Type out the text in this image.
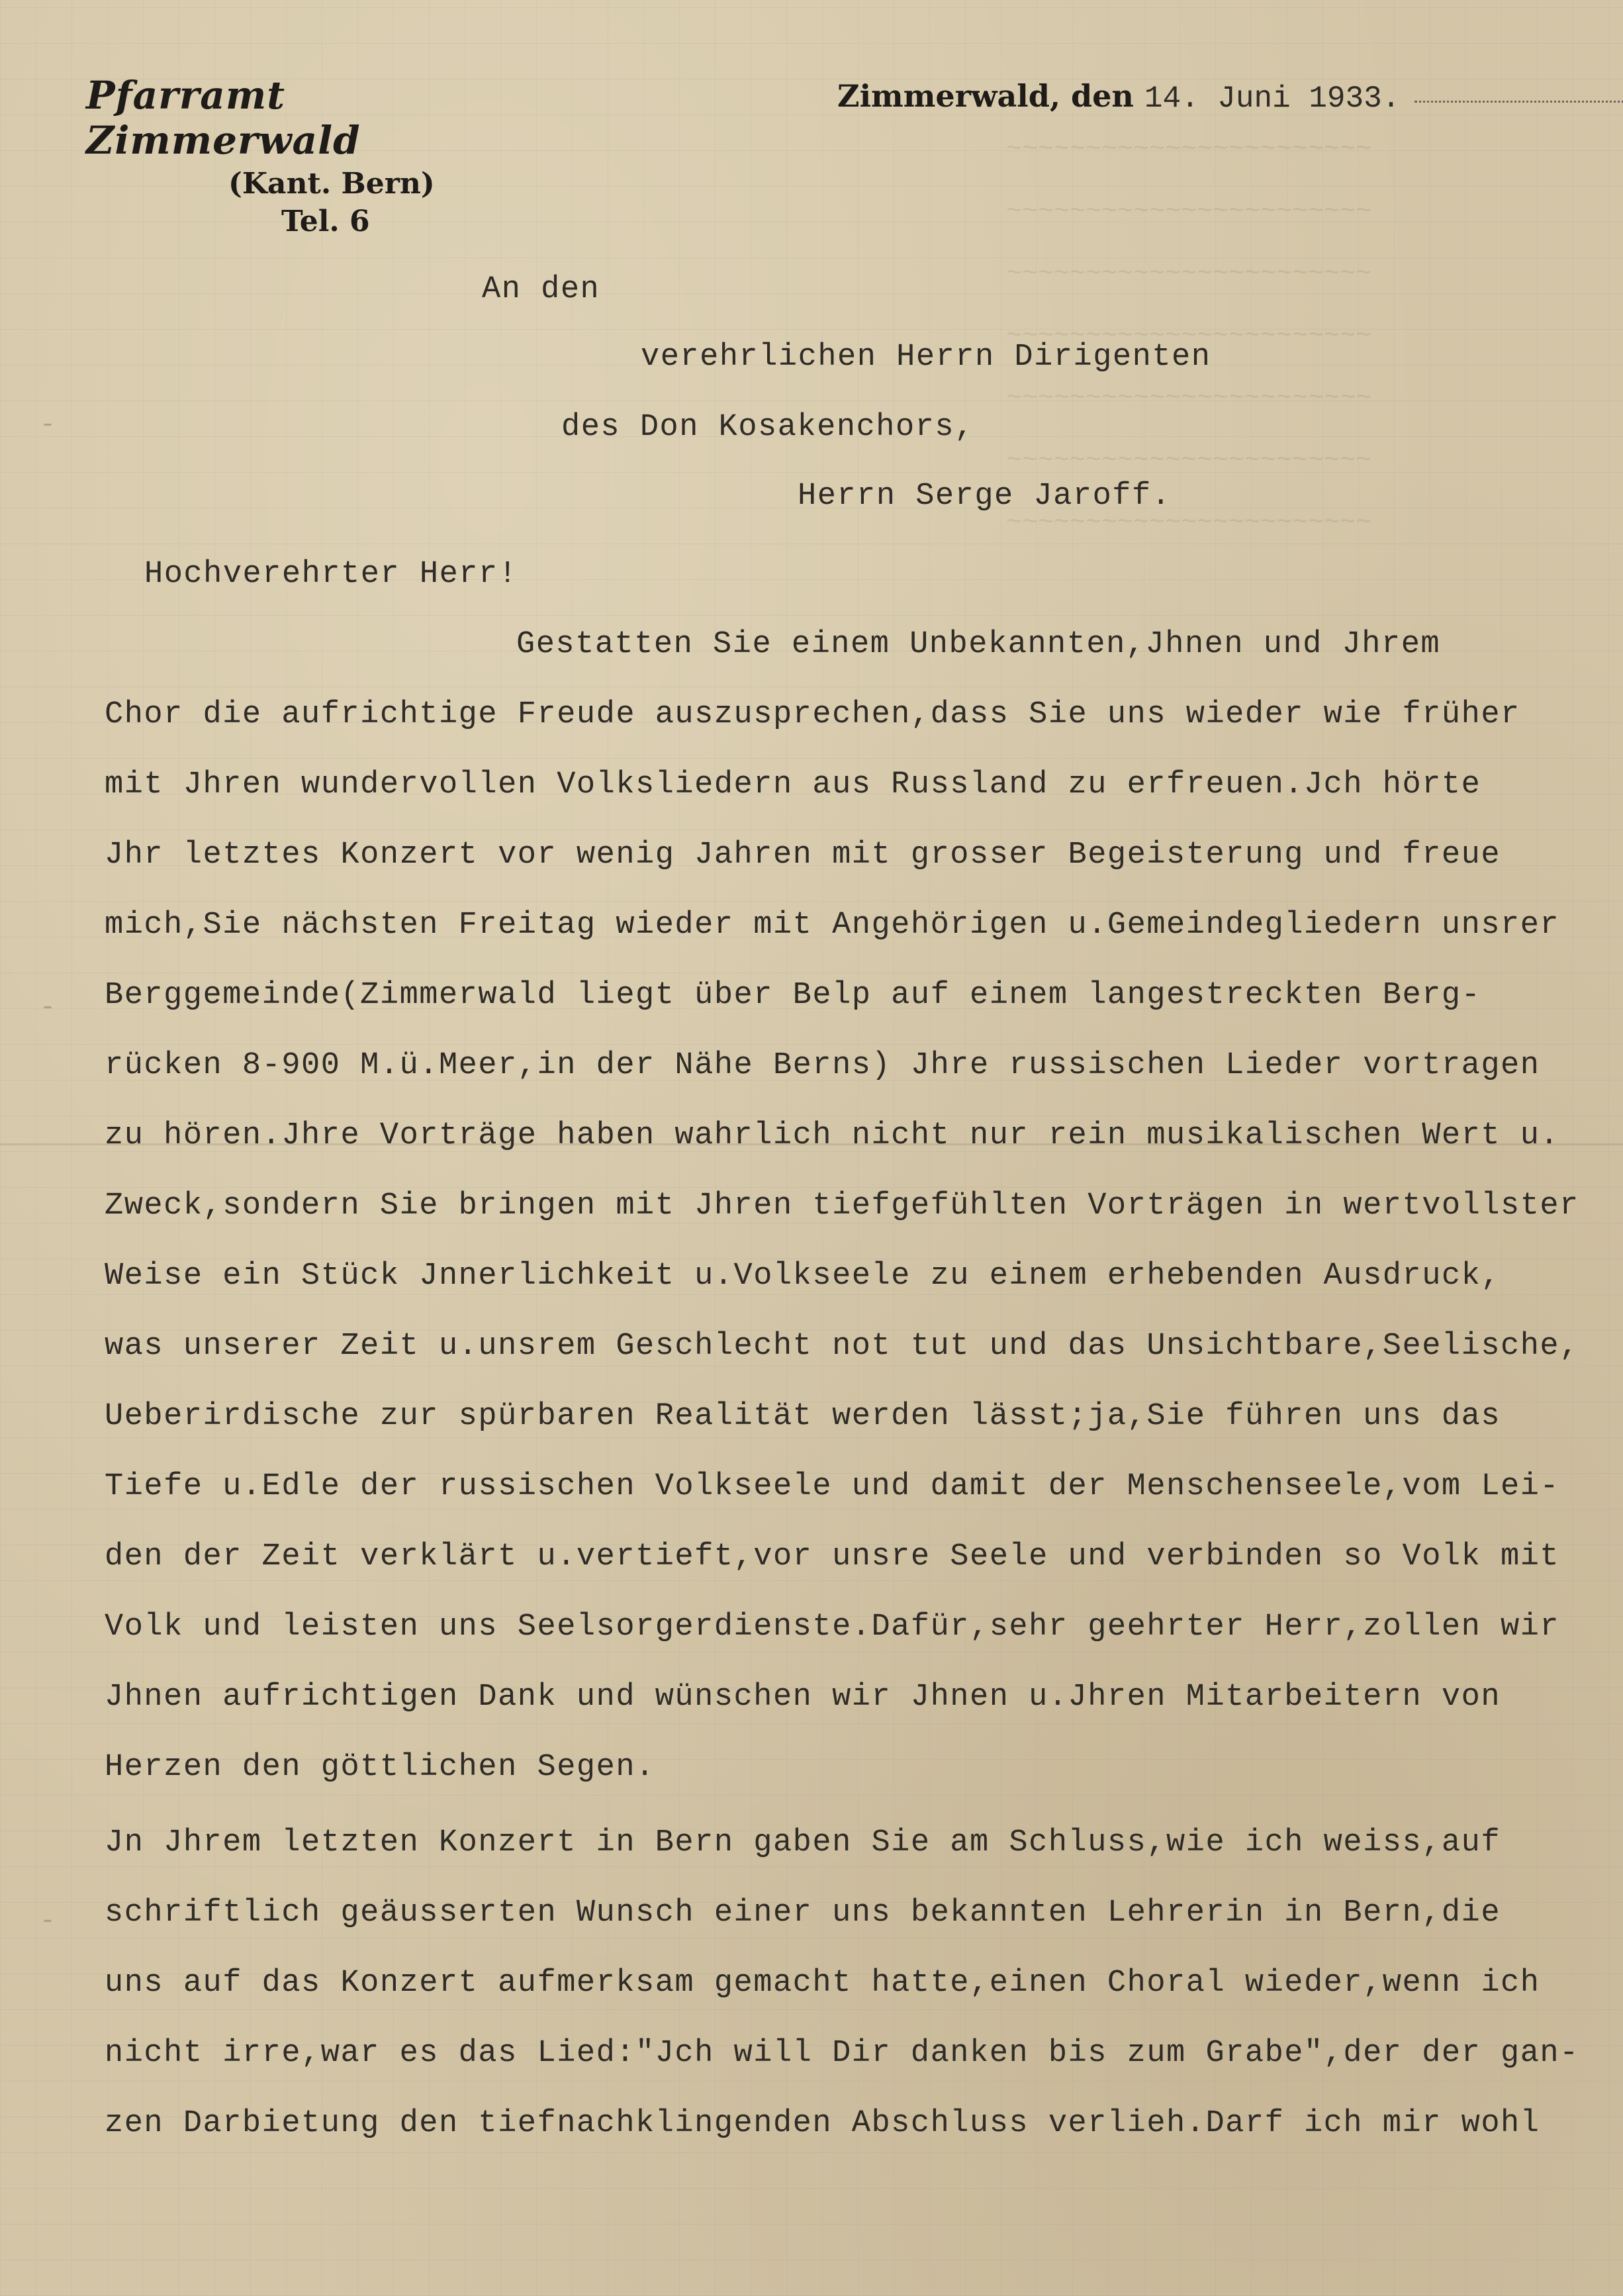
~~~~~~~~~~~~~~~~~~~~~~~
~~~~~~~~~~~~~~~~~~~~~~~
~~~~~~~~~~~~~~~~~~~~~~~
~~~~~~~~~~~~~~~~~~~~~~~
~~~~~~~~~~~~~~~~~~~~~~~
~~~~~~~~~~~~~~~~~~~~~~~
~~~~~~~~~~~~~~~~~~~~~~~
-
-
-
Pfarramt Zimmerwald
(Kant. Bern)
Tel. 6
Zimmerwald, den 14. Juni 1933.
An den
verehrlichen Herrn Dirigenten
des Don Kosakenchors,
Herrn Serge Jaroff.
Hochverehrter Herr!
Gestatten Sie einem Unbekannten,Jhnen und Jhrem
Chor die aufrichtige Freude auszusprechen,dass Sie uns wieder wie früher
mit Jhren wundervollen Volksliedern aus Russland zu erfreuen.Jch hörte
Jhr letztes Konzert vor wenig Jahren mit grosser Begeisterung und freue
mich,Sie nächsten Freitag wieder mit Angehörigen u.Gemeindegliedern unsrer
Berggemeinde(Zimmerwald liegt über Belp auf einem langestreckten Berg-
rücken 8-900 M.ü.Meer,in der Nähe Berns) Jhre russischen Lieder vortragen
zu hören.Jhre Vorträge haben wahrlich nicht nur rein musikalischen Wert u.
Zweck,sondern Sie bringen mit Jhren tiefgefühlten Vorträgen in wertvollster
Weise ein Stück Jnnerlichkeit u.Volkseele zu einem erhebenden Ausdruck,
was unserer Zeit u.unsrem Geschlecht not tut und das Unsichtbare,Seelische,
Ueberirdische zur spürbaren Realität werden lässt;ja,Sie führen uns das
Tiefe u.Edle der russischen Volkseele und damit der Menschenseele,vom Lei-
den der Zeit verklärt u.vertieft,vor unsre Seele und verbinden so Volk mit
Volk und leisten uns Seelsorgerdienste.Dafür,sehr geehrter Herr,zollen wir
Jhnen aufrichtigen Dank und wünschen wir Jhnen u.Jhren Mitarbeitern von
Herzen den göttlichen Segen.
Jn Jhrem letzten Konzert in Bern gaben Sie am Schluss,wie ich weiss,auf
schriftlich geäusserten Wunsch einer uns bekannten Lehrerin in Bern,die
uns auf das Konzert aufmerksam gemacht hatte,einen Choral wieder,wenn ich
nicht irre,war es das Lied:"Jch will Dir danken bis zum Grabe",der der gan-
zen Darbietung den tiefnachklingenden Abschluss verlieh.Darf ich mir wohl
